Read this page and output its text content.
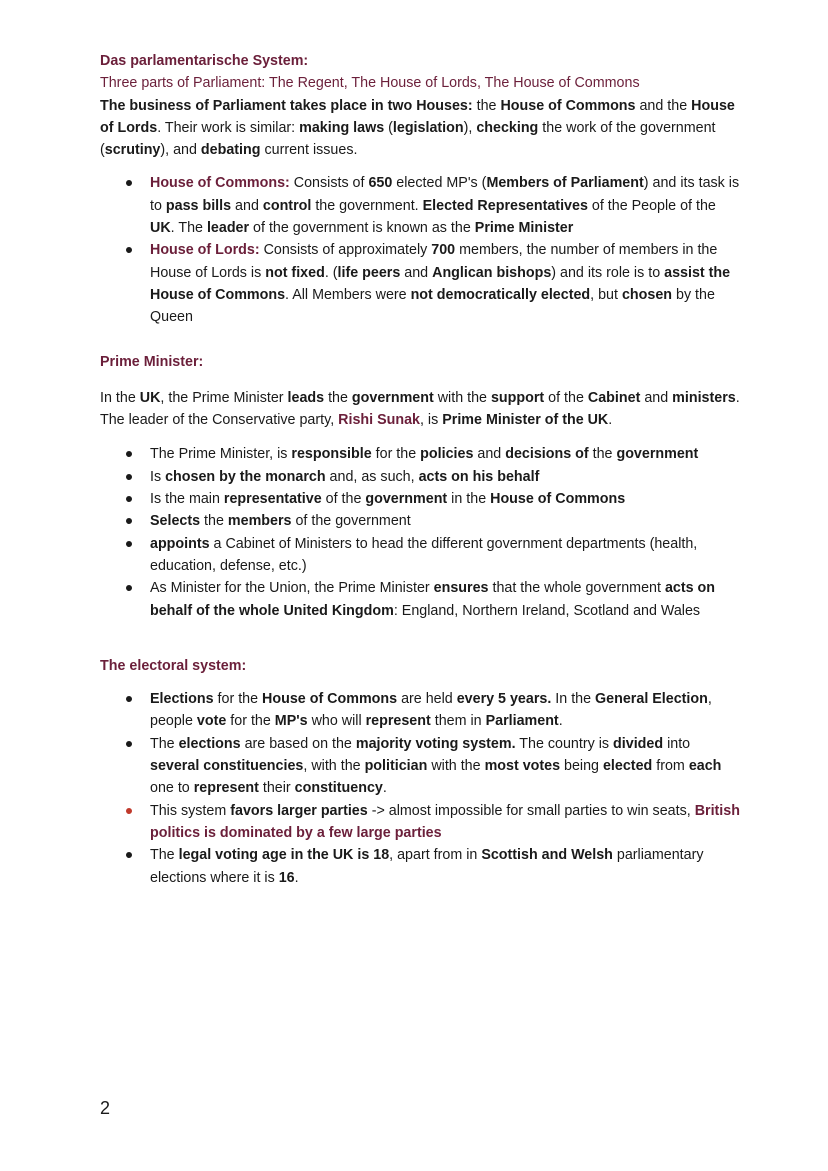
Das parlamentarische System:

Three parts of Parliament: The Regent, The House of Lords, The House of Commons

The business of Parliament takes place in two Houses: the House of Commons and the House of Lords. Their work is similar: making laws (legislation), checking the work of the government (scrutiny), and debating current issues.

House of Commons: Consists of 650 elected MP's (Members of Parliament) and its task is to pass bills and control the government. Elected Representatives of the People of the UK. The leader of the government is known as the Prime Minister
House of Lords: Consists of approximately 700 members, the number of members in the House of Lords is not fixed. (life peers and Anglican bishops) and its role is to assist the House of Commons. All Members were not democratically elected, but chosen by the Queen

Prime Minister:

In the UK, the Prime Minister leads the government with the support of the Cabinet and ministers. The leader of the Conservative party, Rishi Sunak, is Prime Minister of the UK.

The Prime Minister, is responsible for the policies and decisions of the government
Is chosen by the monarch and, as such, acts on his behalf
Is the main representative of the government in the House of Commons
Selects the members of the government
appoints a Cabinet of Ministers to head the different government departments (health, education, defense, etc.)
As Minister for the Union, the Prime Minister ensures that the whole government acts on behalf of the whole United Kingdom: England, Northern Ireland, Scotland and Wales

The electoral system:

Elections for the House of Commons are held every 5 years. In the General Election, people vote for the MP's who will represent them in Parliament.
The elections are based on the majority voting system. The country is divided into several constituencies, with the politician with the most votes being elected from each one to represent their constituency.
This system favors larger parties -> almost impossible for small parties to win seats, British politics is dominated by a few large parties
The legal voting age in the UK is 18, apart from in Scottish and Welsh parliamentary elections where it is 16.
2
